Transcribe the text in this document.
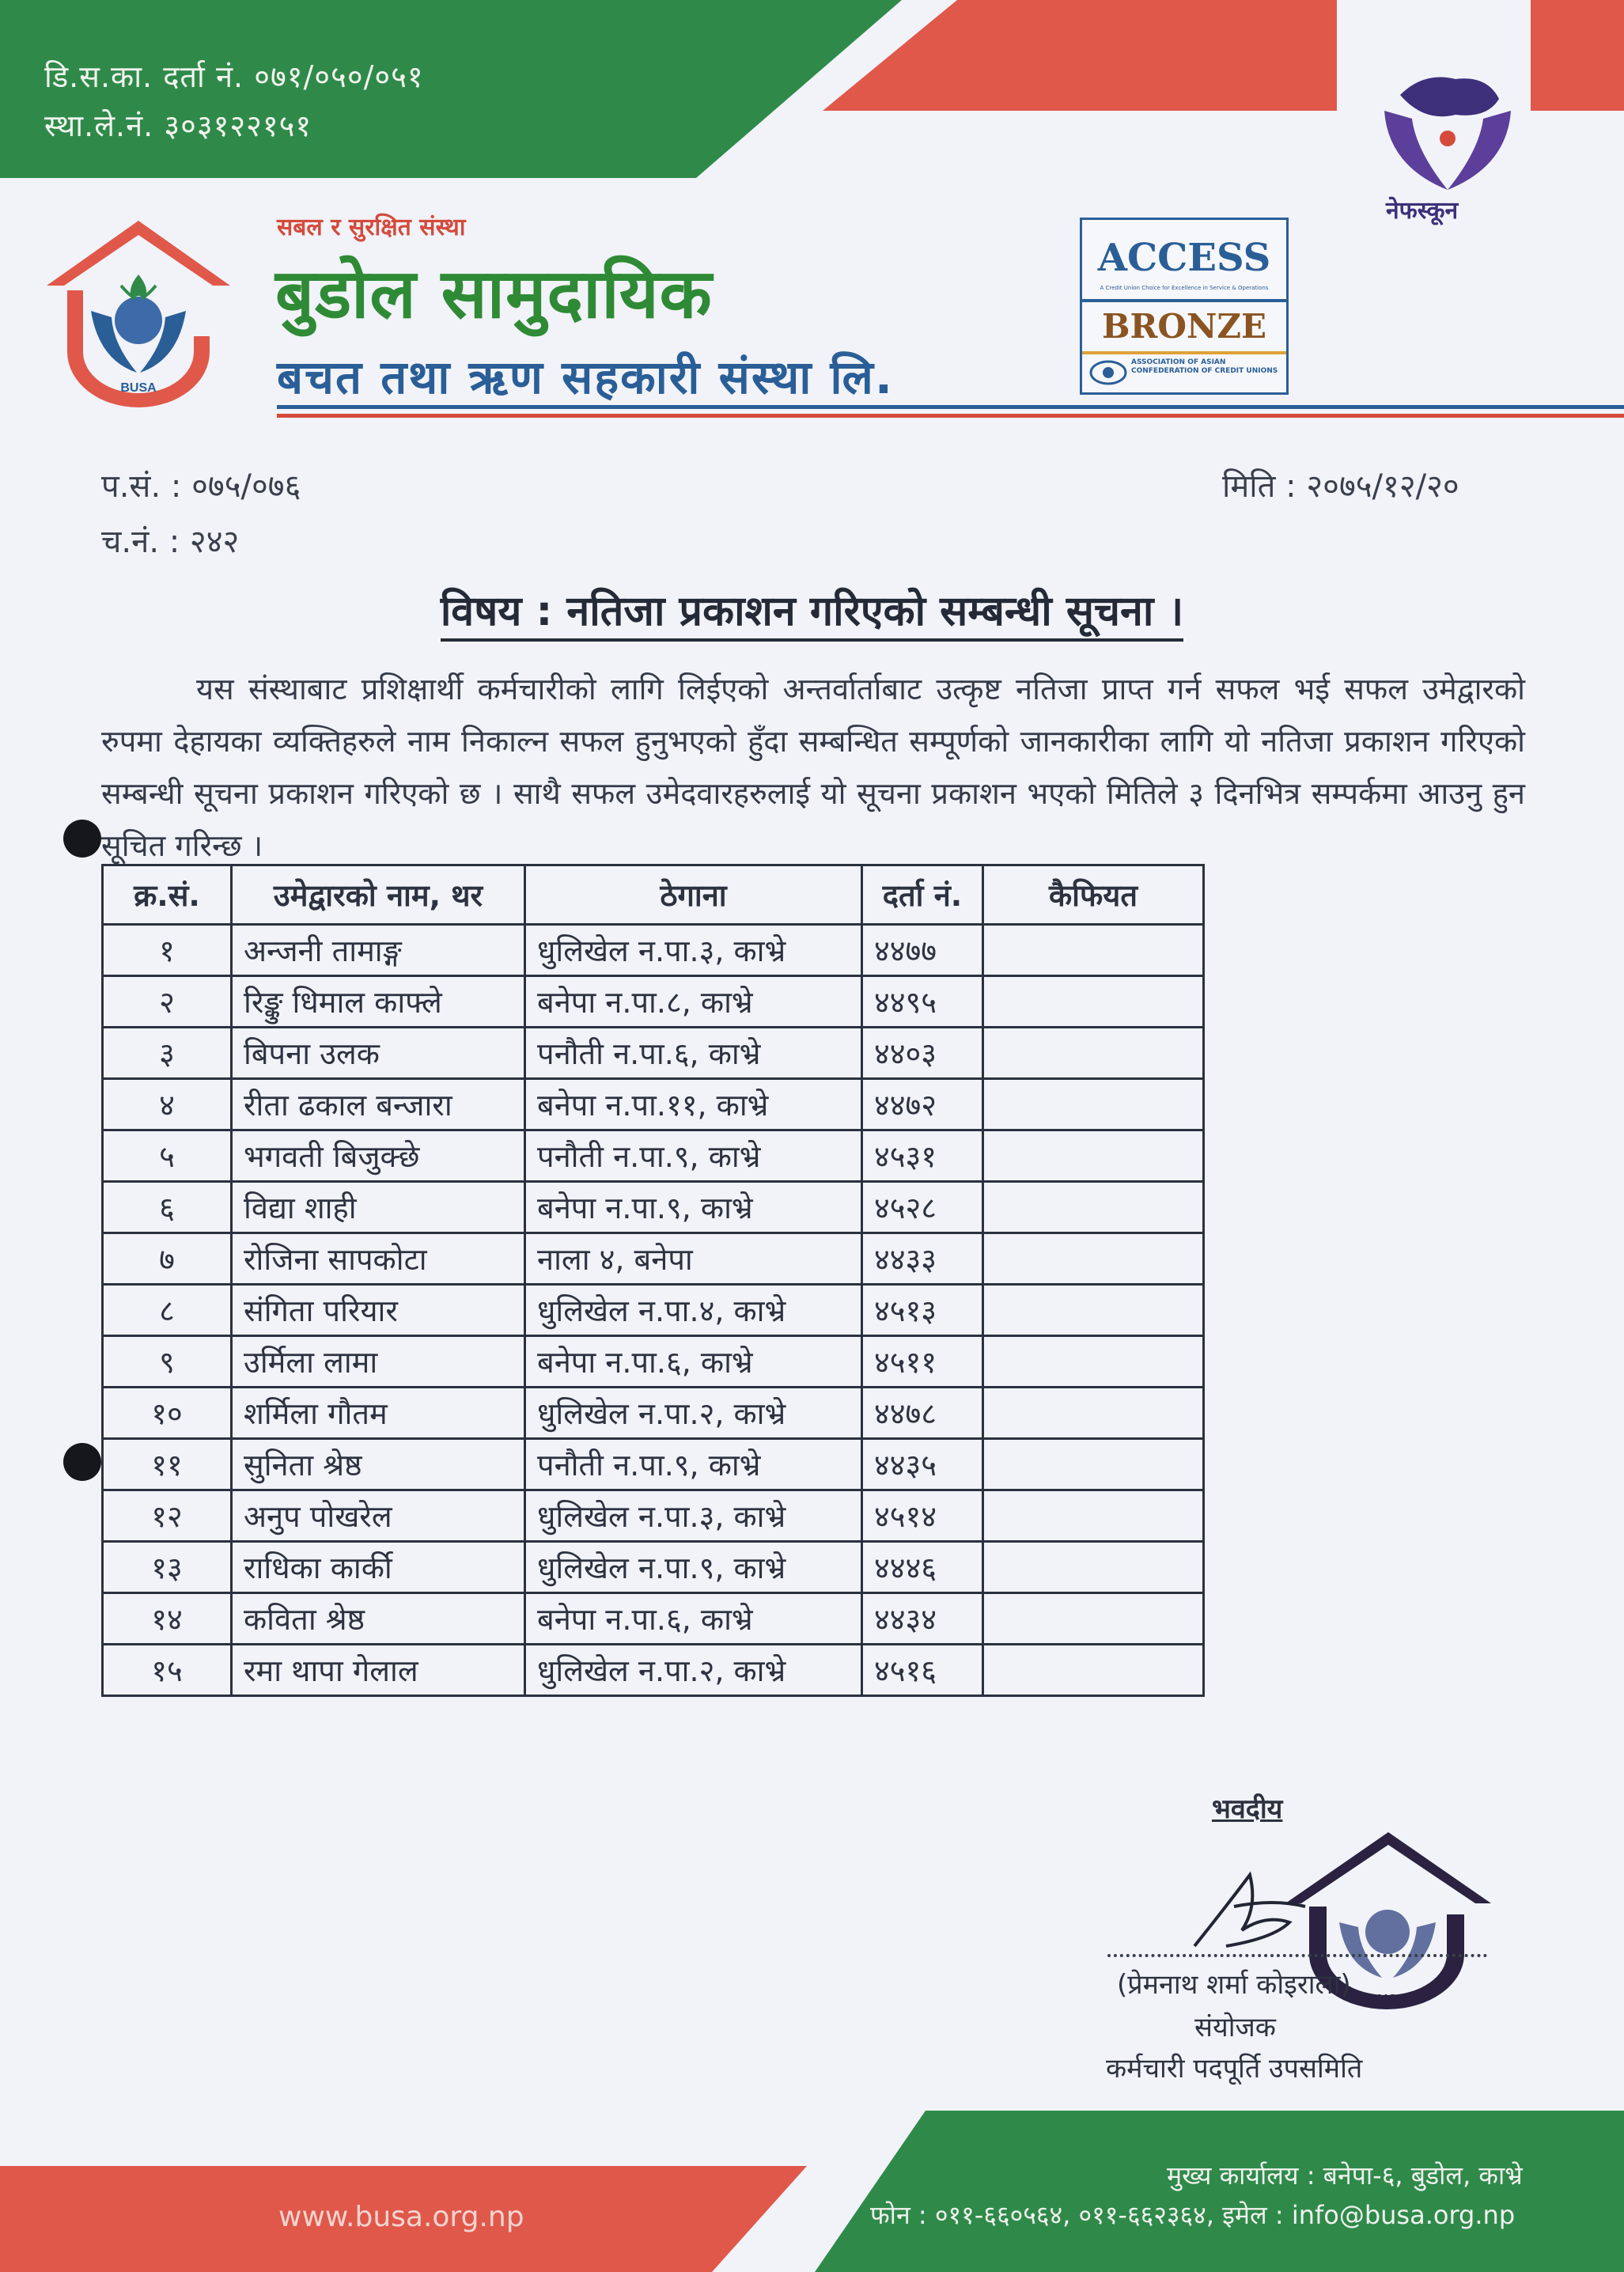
डि.स.का. दर्ता नं. ०७१/०५०/०५१
स्था.ले.नं. ३०३१२२१५१
नेफस्कून
BUSA
सबल र सुरक्षित संस्था
बुडोल सामुदायिक
बचत तथा ऋण सहकारी संस्था लि.
ACCESS
A Credit Union Choice for Excellence in Service & Operations
BRONZE
ASSOCIATION OF ASIAN CONFEDERATION OF CREDIT UNIONS
प.सं. : ०७५/०७६
च.नं. : २४२
मिति : २०७५/१२/२०
विषय : नतिजा प्रकाशन गरिएको सम्बन्धी सूचना ।
यस संस्थाबाट प्रशिक्षार्थी कर्मचारीको लागि लिईएको अन्तर्वार्ताबाट उत्कृष्ट नतिजा प्राप्त गर्न सफल भई सफल उमेद्वारको रुपमा देहायका व्यक्तिहरुले नाम निकाल्न सफल हुनुभएको हुँदा सम्बन्धित सम्पूर्णको जानकारीका लागि यो नतिजा प्रकाशन गरिएको सम्बन्धी सूचना प्रकाशन गरिएको छ । साथै सफल उमेदवारहरुलाई यो सूचना प्रकाशन भएको मितिले ३ दिनभित्र सम्पर्कमा आउनु हुन सूचित गरिन्छ ।
क्र.सं.	उमेद्वारको नाम, थर	ठेगाना	दर्ता नं.	कैफियत
१	अन्जनी तामाङ्ग	धुलिखेल न.पा.३, काभ्रे	४४७७	
२	रिङ्कु धिमाल काफ्ले	बनेपा न.पा.८, काभ्रे	४४९५	
३	बिपना उलक	पनौती न.पा.६, काभ्रे	४४०३	
४	रीता ढकाल बन्जारा	बनेपा न.पा.११, काभ्रे	४४७२	
५	भगवती बिजुक्छे	पनौती न.पा.९, काभ्रे	४५३१	
६	विद्या शाही	बनेपा न.पा.९, काभ्रे	४५२८	
७	रोजिना सापकोटा	नाला ४, बनेपा	४४३३	
८	संगिता परियार	धुलिखेल न.पा.४, काभ्रे	४५१३	
९	उर्मिला लामा	बनेपा न.पा.६, काभ्रे	४५११	
१०	शर्मिला गौतम	धुलिखेल न.पा.२, काभ्रे	४४७८	
११	सुनिता श्रेष्ठ	पनौती न.पा.९, काभ्रे	४४३५	
१२	अनुप पोखरेल	धुलिखेल न.पा.३, काभ्रे	४५१४	
१३	राधिका कार्की	धुलिखेल न.पा.९, काभ्रे	४४४६	
१४	कविता श्रेष्ठ	बनेपा न.पा.६, काभ्रे	४४३४	
१५	रमा थापा गेलाल	धुलिखेल न.पा.२, काभ्रे	४५१६	
भवदीय
BUSA
(प्रेमनाथ शर्मा कोइराला)
संयोजक
कर्मचारी पदपूर्ति उपसमिति
मुख्य कार्यालय : बनेपा-६, बुडोल, काभ्रे
फोन : ०११-६६०५६४, ०११-६६२३६४, इमेल : info@busa.org.np
www.busa.org.np
